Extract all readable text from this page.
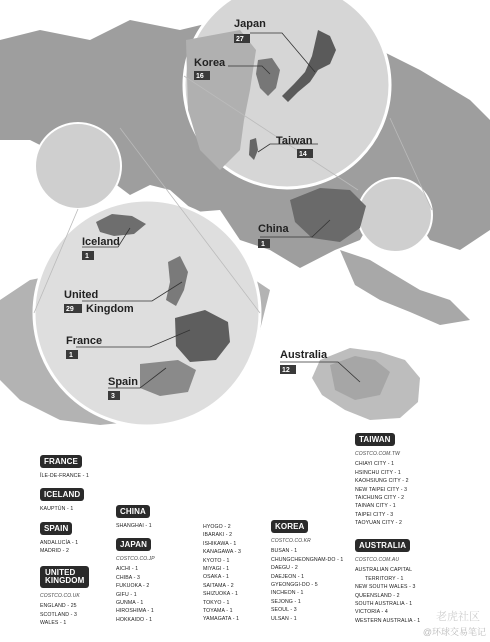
Japan
27
Korea
16
Taiwan
14
China
1
Iceland
1
United
29 Kingdom
France
1
Spain
3
Australia
12
FRANCE
ÎLE-DE-FRANCE - 1
ICELAND
KAUPTÚN - 1
SPAIN
ANDALUCÍA - 1
MADRID - 2
UNITED
KINGDOM
COSTCO.CO.UK
ENGLAND - 25
SCOTLAND - 3
WALES - 1
CHINA
SHANGHAI - 1
JAPAN
COSTCO.CO.JP
AICHI - 1
CHIBA - 3
FUKUOKA - 2
GIFU - 1
GUNMA - 1
HIROSHIMA - 1
HOKKAIDO - 1
HYOGO - 2
IBARAKI - 2
ISHIKAWA - 1
KANAGAWA - 3
KYOTO - 1
MIYAGI - 1
OSAKA - 1
SAITAMA - 2
SHIZUOKA - 1
TOKYO - 1
TOYAMA - 1
YAMAGATA - 1
KOREA
COSTCO.CO.KR
BUSAN - 1
CHUNGCHEONGNAM-DO - 1
DAEGU - 2
DAEJEON - 1
GYEONGGI-DO - 5
INCHEON - 1
SEJONG - 1
SEOUL - 3
ULSAN - 1
TAIWAN
COSTCO.COM.TW
CHIAYI CITY - 1
HSINCHU CITY - 1
KAOHSIUNG CITY - 2
NEW TAIPEI CITY - 3
TAICHUNG CITY - 2
TAINAN CITY - 1
TAIPEI CITY - 3
TAOYUAN CITY - 2
AUSTRALIA
COSTCO.COM.AU
AUSTRALIAN CAPITAL
TERRITORY - 1
NEW SOUTH WALES - 3
QUEENSLAND - 2
SOUTH AUSTRALIA - 1
VICTORIA - 4
WESTERN AUSTRALIA - 1 老虎社区
@环球交易笔记
